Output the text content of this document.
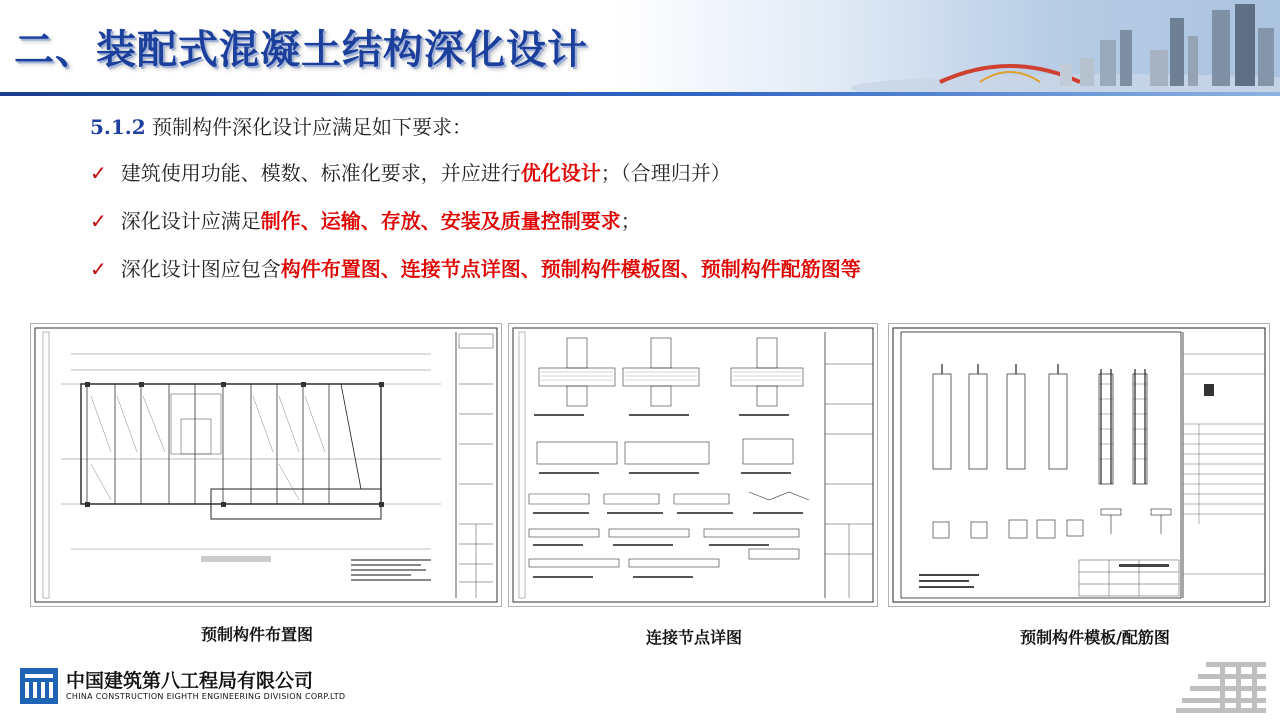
二、装配式混凝土结构深化设计
5.1.2 预制构件深化设计应满足如下要求：
✓ 建筑使用功能、模数、标准化要求，并应进行优化设计；（合理归并）
✓ 深化设计应满足制作、运输、存放、安装及质量控制要求；
✓ 深化设计图应包含构件布置图、连接节点详图、预制构件模板图、预制构件配筋图等
预制构件布置图	连接节点详图	预制构件模板/配筋图
中国建筑第八工程局有限公司
CHINA CONSTRUCTION EIGHTH ENGINEERING DIVISION CORP.LTD
